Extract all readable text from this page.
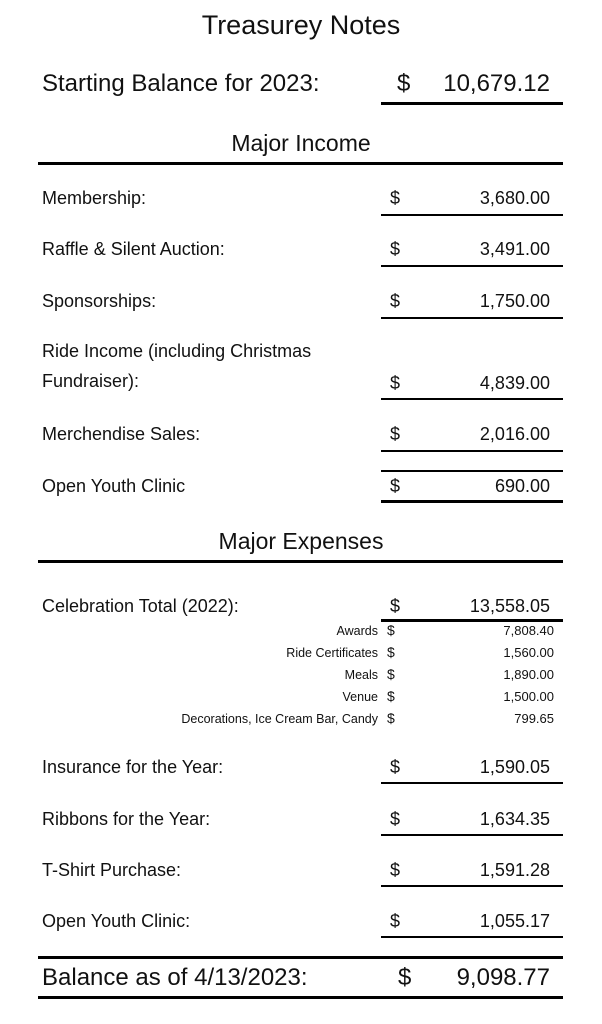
Treasurey Notes
Starting Balance for 2023:	$ 10,679.12
Major Income
Membership:	$	3,680.00
Raffle & Silent Auction:	$	3,491.00
Sponsorships:	$	1,750.00
Ride Income (including Christmas
Fundraiser):	$	4,839.00
Merchendise Sales:	$	2,016.00
Open Youth Clinic	$	690.00
Major Expenses
Celebration Total (2022):	$	13,558.05
Awards $	7,808.40
Ride Certificates $	1,560.00
Meals $	1,890.00
Venue $	1,500.00
Decorations, Ice Cream Bar, Candy $	799.65
Insurance for the Year:	$	1,590.05
Ribbons for the Year:	$	1,634.35
T-Shirt Purchase:	$	1,591.28
Open Youth Clinic:	$	1,055.17
Balance as of 4/13/2023:	$ 9,098.77
